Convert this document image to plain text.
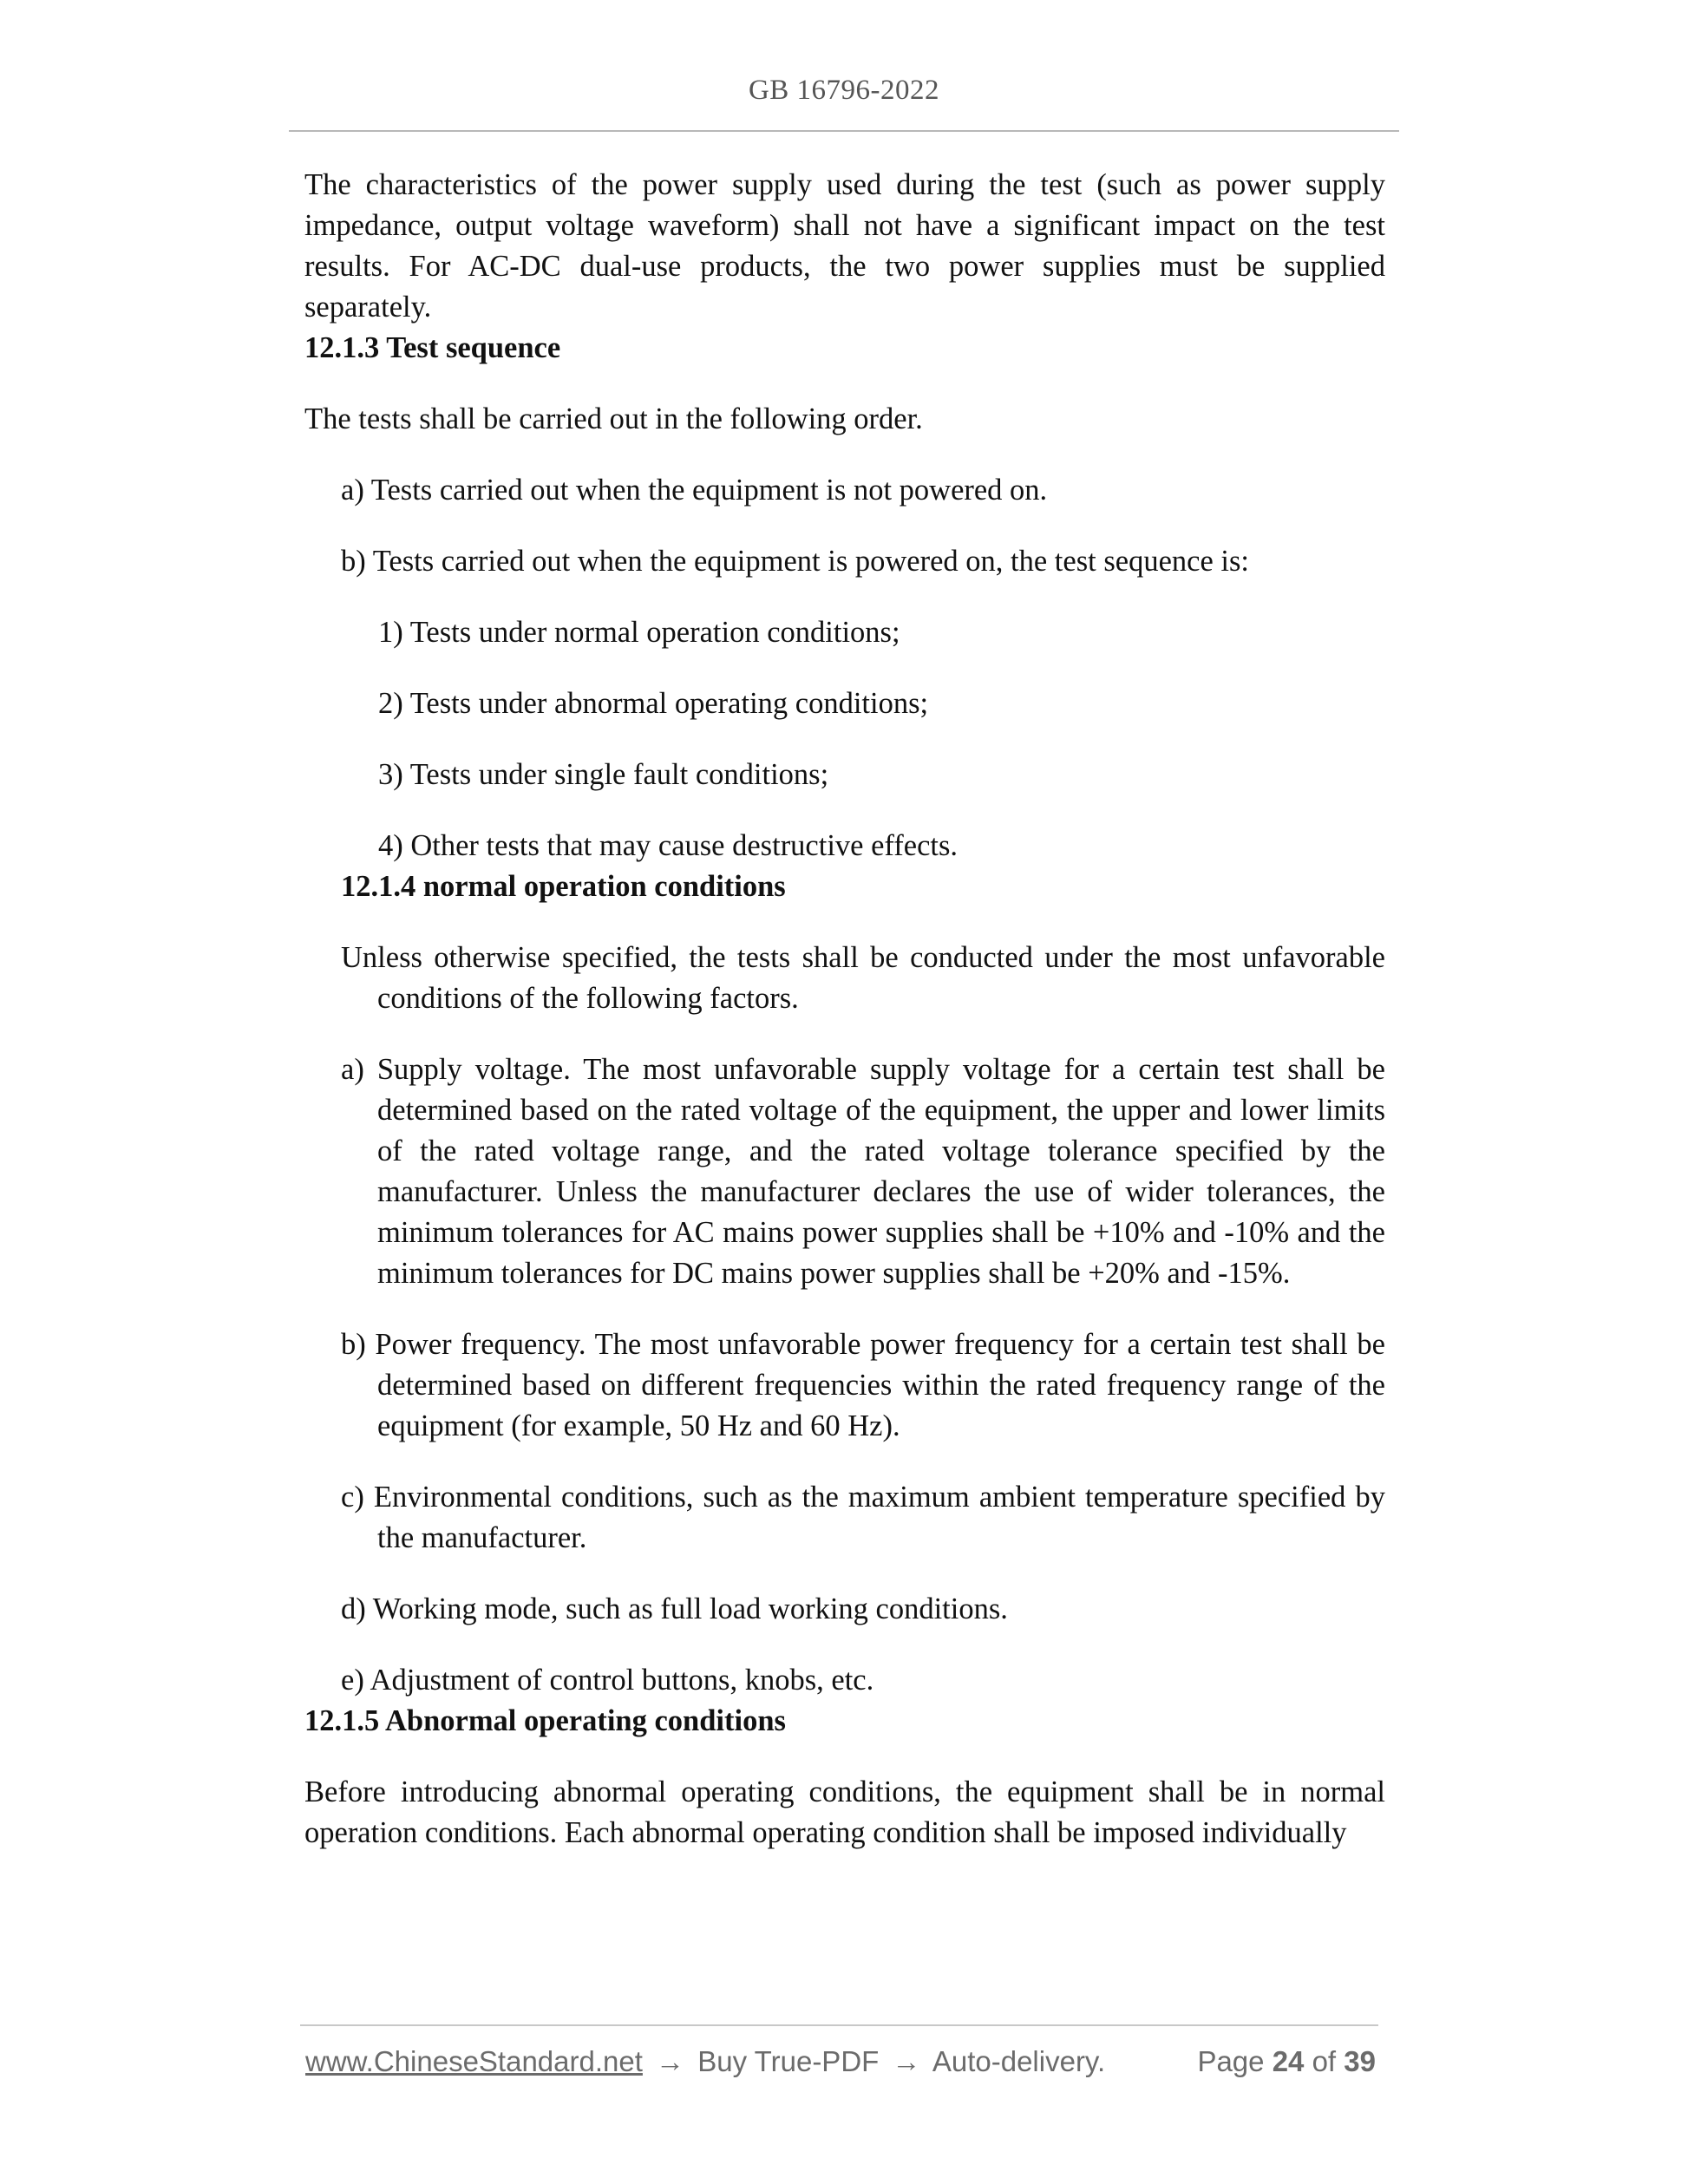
GB 16796-2022

The characteristics of the power supply used during the test (such as power supply impedance, output voltage waveform) shall not have a significant impact on the test results. For AC-DC dual-use products, the two power supplies must be supplied separately.

12.1.3 Test sequence

The tests shall be carried out in the following order.

a) Tests carried out when the equipment is not powered on.

b) Tests carried out when the equipment is powered on, the test sequence is:

1) Tests under normal operation conditions;

2) Tests under abnormal operating conditions;

3) Tests under single fault conditions;

4) Other tests that may cause destructive effects.

12.1.4 normal operation conditions

Unless otherwise specified, the tests shall be conducted under the most unfavorable conditions of the following factors.

a) Supply voltage. The most unfavorable supply voltage for a certain test shall be determined based on the rated voltage of the equipment, the upper and lower limits of the rated voltage range, and the rated voltage tolerance specified by the manufacturer. Unless the manufacturer declares the use of wider tolerances, the minimum tolerances for AC mains power supplies shall be +10% and -10% and the minimum tolerances for DC mains power supplies shall be +20% and -15%.

b) Power frequency. The most unfavorable power frequency for a certain test shall be determined based on different frequencies within the rated frequency range of the equipment (for example, 50 Hz and 60 Hz).

c) Environmental conditions, such as the maximum ambient temperature specified by the manufacturer.

d) Working mode, such as full load working conditions.

e) Adjustment of control buttons, knobs, etc.

12.1.5 Abnormal operating conditions

Before introducing abnormal operating conditions, the equipment shall be in normal operation conditions. Each abnormal operating condition shall be imposed individually

www.ChineseStandard.net → Buy True-PDF → Auto-delivery.	Page 24 of 39
